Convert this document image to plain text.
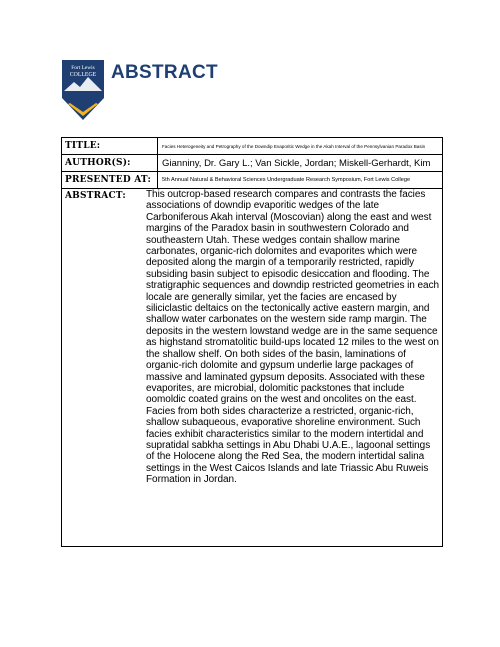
Fort Lewis
COLLEGE ABSTRACT
TITLE:	Facies Heterogeneity and Petrography of the Downdip Evaporitic Wedge in the Akah Interval of the Pennsylvanian Paradox Basin
AUTHOR(S):	Gianniny, Dr. Gary L.; Van Sickle, Jordan; Miskell-Gerhardt, Kim
PRESENTED AT:	5th Annual Natural & Behavioral Sciences Undergraduate Research Symposium, Fort Lewis College
ABSTRACT: This outcrop-based research compares and contrasts the facies associations of downdip evaporitic wedges of the late Carboniferous Akah interval (Moscovian) along the east and west margins of the Paradox basin in southwestern Colorado and southeastern Utah. These wedges contain shallow marine carbonates, organic-rich dolomites and evaporites which were deposited along the margin of a temporarily restricted, rapidly subsiding basin subject to episodic desiccation and flooding. The stratigraphic sequences and downdip restricted geometries in each locale are generally similar, yet the facies are encased by siliciclastic deltaics on the tectonically active eastern margin, and shallow water carbonates on the western side ramp margin. The deposits in the western lowstand wedge are in the same sequence as highstand stromatolitic build-ups located 12 miles to the west on the shallow shelf. On both sides of the basin, laminations of organic-rich dolomite and gypsum underlie large packages of massive and laminated gypsum deposits. Associated with these evaporites, are microbial, dolomitic packstones that include oomoldic coated grains on the west and oncolites on the east. Facies from both sides characterize a restricted, organic-rich, shallow subaqueous, evaporative shoreline environment. Such facies exhibit characteristics similar to the modern intertidal and supratidal sabkha settings in Abu Dhabi U.A.E., lagoonal settings of the Holocene along the Red Sea, the modern intertidal salina settings in the West Caicos Islands and late Triassic Abu Ruweis Formation in Jordan.
